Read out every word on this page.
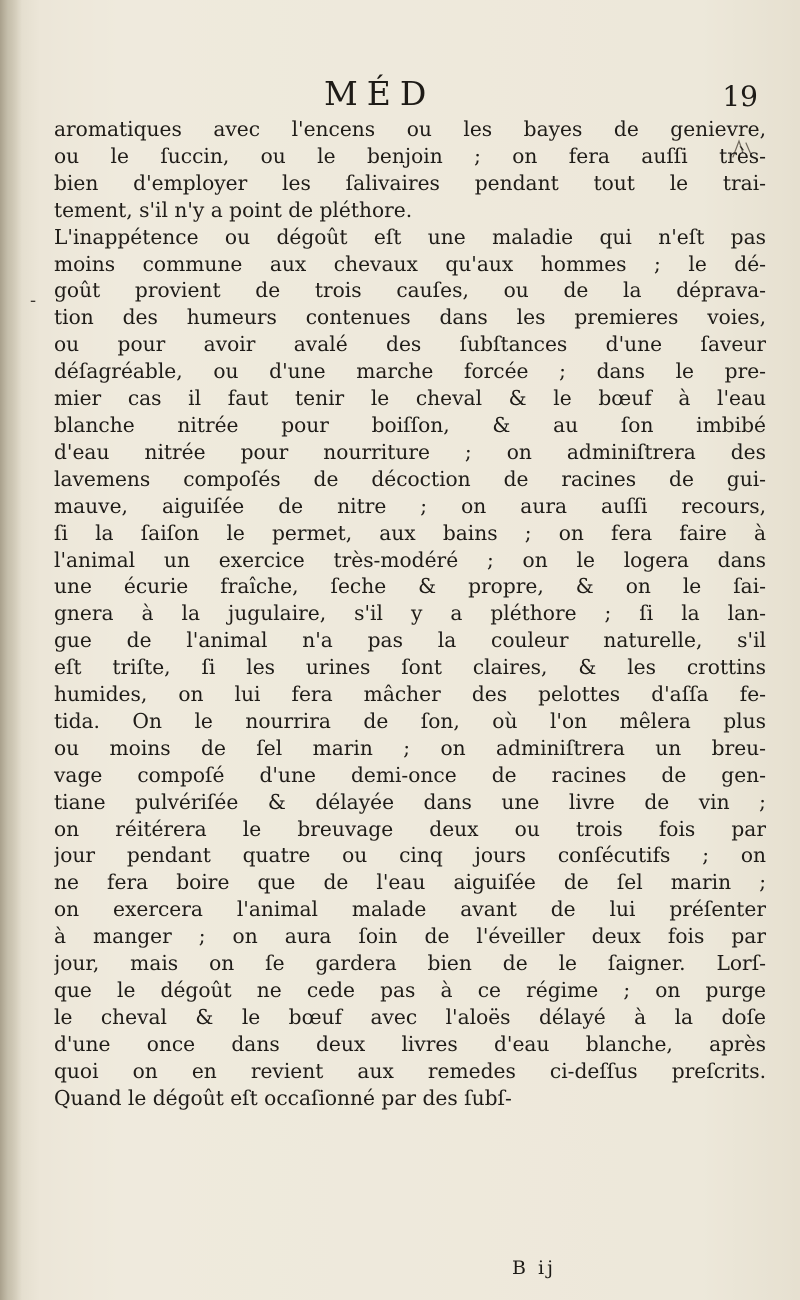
MÉD	19
-
aromatiques avec l'encens ou les bayes de genievre,
ou le ſuccin, ou le benjoin ; on fera auſſi très-
bien d'employer les ſalivaires pendant tout le trai-
tement, s'il n'y a point de pléthore.
L'inappétence ou dégoût eſt une maladie qui n'eſt pas
moins commune aux chevaux qu'aux hommes ; le dé-
goût provient de trois cauſes, ou de la déprava-
tion des humeurs contenues dans les premieres voies,
ou pour avoir avalé des ſubſtances d'une ſaveur
déſagréable, ou d'une marche forcée ; dans le pre-
mier cas il faut tenir le cheval & le bœuf à l'eau
blanche nitrée pour boiſſon, & au ſon imbibé
d'eau nitrée pour nourriture ; on adminiſtrera des
lavemens compoſés de décoction de racines de gui-
mauve, aiguiſée de nitre ; on aura auſſi recours,
ſi la ſaiſon le permet, aux bains ; on fera faire à
l'animal un exercice très-modéré ; on le logera dans
une écurie fraîche, ſeche & propre, & on le ſai-
gnera à la jugulaire, s'il y a pléthore ; ſi la lan-
gue de l'animal n'a pas la couleur naturelle, s'il
eſt triſte, ſi les urines ſont claires, & les crottins
humides, on lui fera mâcher des pelottes d'aſſa fe-
tida. On le nourrira de ſon, où l'on mêlera plus
ou moins de ſel marin ; on adminiſtrera un breu-
vage compoſé d'une demi-once de racines de gen-
tiane pulvériſée & délayée dans une livre de vin ;
on réitérera le breuvage deux ou trois fois par
jour pendant quatre ou cinq jours conſécutifs ; on
ne fera boire que de l'eau aiguiſée de ſel marin ;
on exercera l'animal malade avant de lui préſenter
à manger ; on aura ſoin de l'éveiller deux fois par
jour, mais on ſe gardera bien de le ſaigner. Lorſ-
que le dégoût ne cede pas à ce régime ; on purge
le cheval & le bœuf avec l'aloës délayé à la doſe
d'une once dans deux livres d'eau blanche, après
quoi on en revient aux remedes ci-deſſus preſcrits.
Quand le dégoût eſt occaſionné par des ſubſ-
B ij
